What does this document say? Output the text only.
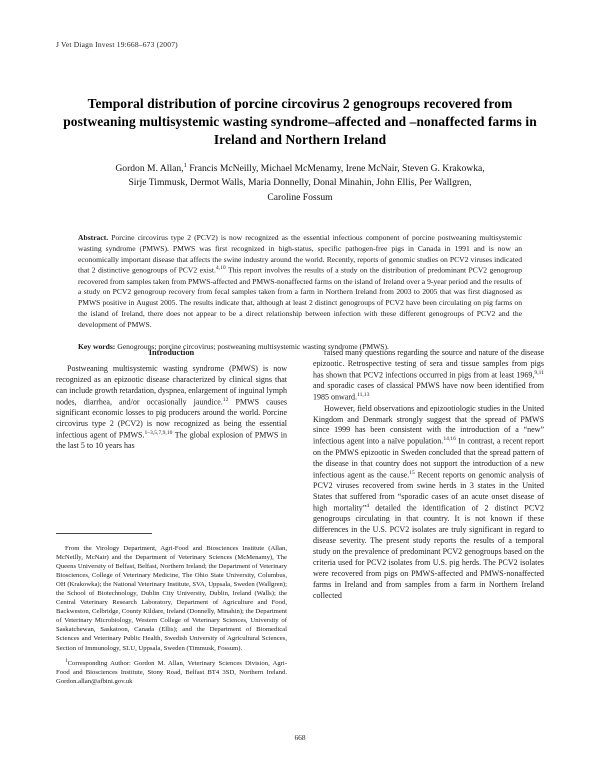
J Vet Diagn Invest 19:668–673 (2007)
Temporal distribution of porcine circovirus 2 genogroups recovered from postweaning multisystemic wasting syndrome–affected and –nonaffected farms in Ireland and Northern Ireland
Gordon M. Allan,$^1$ Francis McNeilly, Michael McMenamy, Irene McNair, Steven G. Krakowka,
Sirje Timmusk, Dermot Walls, Maria Donnelly, Donal Minahin, John Ellis, Per Wallgren,
Caroline Fossum

Abstract. Porcine circovirus type 2 (PCV2) is now recognized as the essential infectious component of porcine postweaning multisystemic wasting syndrome (PMWS). PMWS was first recognized in high-status, specific pathogen-free pigs in Canada in 1991 and is now an economically important disease that affects the swine industry around the world. Recently, reports of genomic studies on PCV2 viruses indicated that 2 distinctive genogroups of PCV2 exist.$^{4,10}$ This report involves the results of a study on the distribution of predominant PCV2 genogroup recovered from samples taken from PMWS-affected and PMWS-nonaffected farms on the island of Ireland over a 9-year period and the results of a study on PCV2 genogroup recovery from fecal samples taken from a farm in Northern Ireland from 2003 to 2005 that was first diagnosed as PMWS positive in August 2005. The results indicate that, although at least 2 distinct genogroups of PCV2 have been circulating on pig farms on the island of Ireland, there does not appear to be a direct relationship between infection with these different genogroups of PCV2 and the development of PMWS.

Key words: Genogroups; porcine circovirus; postweaning multisystemic wasting syndrome (PMWS).

Introduction

Postweaning multisystemic wasting syndrome (PMWS) is now recognized as an epizootic disease characterized by clinical signs that can include growth retardation, dyspnea, enlargement of inguinal lymph nodes, diarrhea, and/or occasionally jaundice.$^{12}$ PMWS causes significant economic losses to pig producers around the world. Porcine circovirus type 2 (PCV2) is now recognized as being the essential infectious agent of PMWS.$^{1-3,5,7,9,10}$ The global explosion of PMWS in the last 5 to 10 years has

From the Virology Department, Agri-Food and Biosciences Institute (Allan, McNeilly, McNair) and the Department of Veterinary Sciences (McMenamy), The Queens University of Belfast, Belfast, Northern Ireland; the Department of Veterinary Biosciences, College of Veterinary Medicine, The Ohio State University, Columbus, OH (Krakowka); the National Veterinary Institute, SVA, Uppsala, Sweden (Wallgren); the School of Biotechnology, Dublin City University, Dublin, Ireland (Walls); the Central Veterinary Research Laboratory, Department of Agriculture and Food, Backweston, Celbridge, County Kildare, Ireland (Donnelly, Minahin); the Department of Veterinary Microbiology, Western College of Veterinary Sciences, University of Saskatchewan, Saskatoon, Canada (Ellis); and the Department of Biomedical Sciences and Veterinary Public Health, Swedish University of Agricultural Sciences, Section of Immunology, SLU, Uppsala, Sweden (Timmusk, Fossum).

$^1$Corresponding Author: Gordon M. Allan, Veterinary Sciences Division, Agri-Food and Biosciences Institute, Stony Road, Belfast BT4 3SD, Northern Ireland. Gordon.allan@afbini.gov.uk

raised many questions regarding the source and nature of the disease epizootic. Retrospective testing of sera and tissue samples from pigs has shown that PCV2 infections occurred in pigs from at least 1969,$^{9,11}$ and sporadic cases of classical PMWS have now been identified from 1985 onward.$^{11,13}$

However, field observations and epizootiologic studies in the United Kingdom and Denmark strongly suggest that the spread of PMWS since 1999 has been consistent with the introduction of a “new” infectious agent into a naïve population.$^{14,16}$ In contrast, a recent report on the PMWS epizootic in Sweden concluded that the spread pattern of the disease in that country does not support the introduction of a new infectious agent as the cause.$^{15}$ Recent reports on genomic analysis of PCV2 viruses recovered from swine herds in 3 states in the United States that suffered from “sporadic cases of an acute onset disease of high mortality”$^4$ detailed the identification of 2 distinct PCV2 genogroups circulating in that country. It is not known if these differences in the U.S. PCV2 isolates are truly significant in regard to disease severity. The present study reports the results of a temporal study on the prevalence of predominant PCV2 genogroups based on the criteria used for PCV2 isolates from U.S. pig herds. The PCV2 isolates were recovered from pigs on PMWS-affected and PMWS-nonaffected farms in Ireland and from samples from a farm in Northern Ireland collected

668
